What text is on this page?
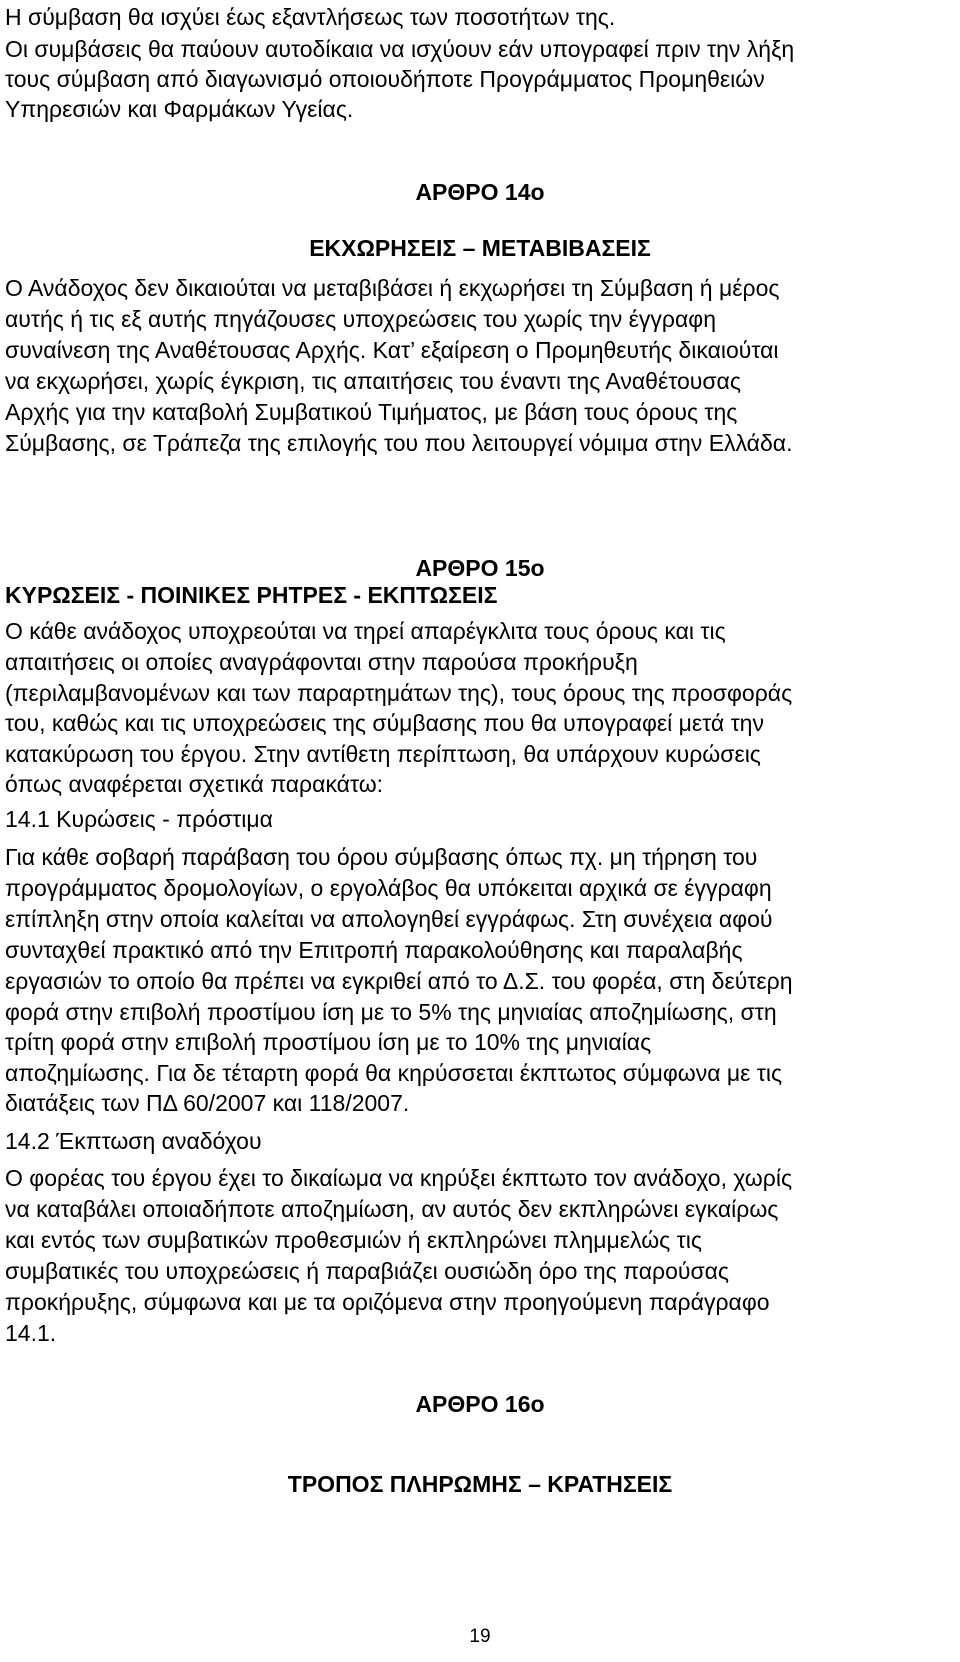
Η σύμβαση θα ισχύει έως εξαντλήσεως των ποσοτήτων της.
Οι συμβάσεις θα παύουν αυτοδίκαια να ισχύουν εάν υπογραφεί πριν την λήξη
τους σύμβαση από διαγωνισμό οποιουδήποτε Προγράμματος Προμηθειών
Υπηρεσιών και Φαρμάκων Υγείας.
ΑΡΘΡΟ 14ο
ΕΚΧΩΡΗΣΕΙΣ – ΜΕΤΑΒΙΒΑΣΕΙΣ
Ο Ανάδοχος δεν δικαιούται να μεταβιβάσει ή εκχωρήσει τη Σύμβαση ή μέρος
αυτής ή τις εξ αυτής πηγάζουσες υποχρεώσεις του χωρίς την έγγραφη
συναίνεση της Αναθέτουσας Αρχής. Κατ’ εξαίρεση ο Προμηθευτής δικαιούται
να εκχωρήσει, χωρίς έγκριση, τις απαιτήσεις του έναντι της Αναθέτουσας
Αρχής για την καταβολή Συμβατικού Τιμήματος, με βάση τους όρους της
Σύμβασης, σε Τράπεζα της επιλογής του που λειτουργεί νόμιμα στην Ελλάδα.
ΑΡΘΡΟ 15ο
ΚΥΡΩΣΕΙΣ - ΠΟΙΝΙΚΕΣ ΡΗΤΡΕΣ - ΕΚΠΤΩΣΕΙΣ
Ο κάθε ανάδοχος υποχρεούται να τηρεί απαρέγκλιτα τους όρους και τις
απαιτήσεις οι οποίες αναγράφονται στην παρούσα προκήρυξη
(περιλαμβανομένων και των παραρτημάτων της), τους όρους της προσφοράς
του, καθώς και τις υποχρεώσεις της σύμβασης που θα υπογραφεί μετά την
κατακύρωση του έργου. Στην αντίθετη περίπτωση, θα υπάρχουν κυρώσεις
όπως αναφέρεται σχετικά παρακάτω:
14.1 Κυρώσεις - πρόστιμα
Για κάθε σοβαρή παράβαση του όρου σύμβασης όπως πχ. μη τήρηση του
προγράμματος δρομολογίων, ο εργολάβος θα υπόκειται αρχικά σε έγγραφη
επίπληξη στην οποία καλείται να απολογηθεί εγγράφως. Στη συνέχεια αφού
συνταχθεί πρακτικό από την Επιτροπή παρακολούθησης και παραλαβής
εργασιών το οποίο θα πρέπει να εγκριθεί από το Δ.Σ. του φορέα, στη δεύτερη
φορά στην επιβολή προστίμου ίση με το 5% της μηνιαίας αποζημίωσης, στη
τρίτη φορά στην επιβολή προστίμου ίση με το 10% της μηνιαίας
αποζημίωσης. Για δε τέταρτη φορά θα κηρύσσεται έκπτωτος σύμφωνα με τις
διατάξεις των ΠΔ 60/2007 και 118/2007.
14.2 Έκπτωση αναδόχου
Ο φορέας του έργου έχει το δικαίωμα να κηρύξει έκπτωτο τον ανάδοχο, χωρίς
να καταβάλει οποιαδήποτε αποζημίωση, αν αυτός δεν εκπληρώνει εγκαίρως
και εντός των συμβατικών προθεσμιών ή εκπληρώνει πλημμελώς τις
συμβατικές του υποχρεώσεις ή παραβιάζει ουσιώδη όρο της παρούσας
προκήρυξης, σύμφωνα και με τα οριζόμενα στην προηγούμενη παράγραφο
14.1.
ΑΡΘΡΟ 16ο
ΤΡΟΠΟΣ ΠΛΗΡΩΜΗΣ – ΚΡΑΤΗΣΕΙΣ
19
